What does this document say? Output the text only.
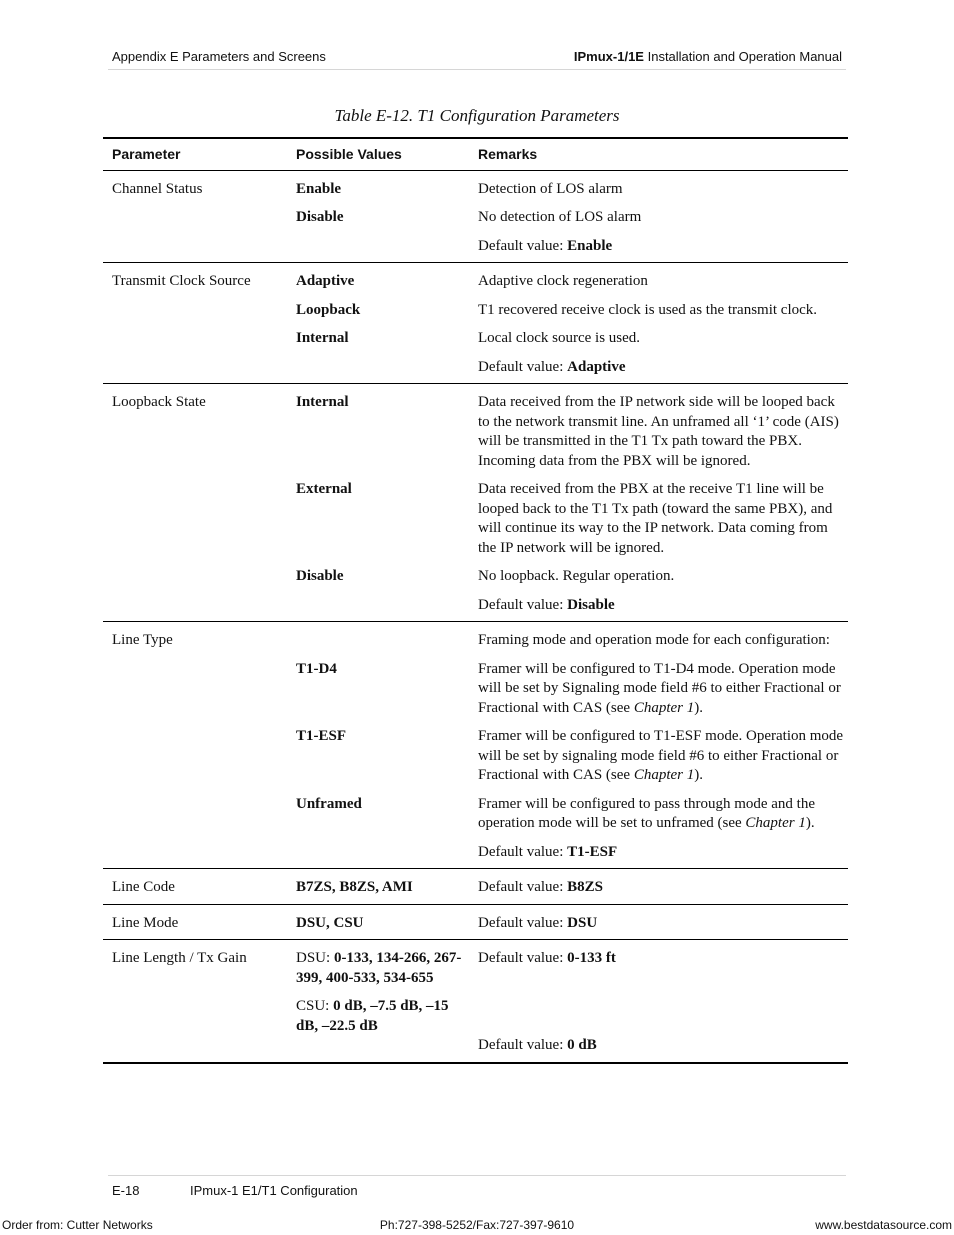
Appendix E Parameters and Screens	IPmux-1/1E Installation and Operation Manual
Table E-12. T1 Configuration Parameters
Parameter	Possible Values	Remarks
Channel Status	Enable	Detection of LOS alarm
	Disable	No detection of LOS alarm
		Default value: Enable
Transmit Clock Source	Adaptive	Adaptive clock regeneration
	Loopback	T1 recovered receive clock is used as the transmit clock.
	Internal	Local clock source is used.
		Default value: Adaptive
Loopback State	Internal	Data received from the IP network side will be looped back to the network transmit line. An unframed all ‘1’ code (AIS) will be transmitted in the T1 Tx path toward the PBX. Incoming data from the PBX will be ignored.
	External	Data received from the PBX at the receive T1 line will be looped back to the T1 Tx path (toward the same PBX), and will continue its way to the IP network. Data coming from the IP network will be ignored.
	Disable	No loopback. Regular operation.
		Default value: Disable
Line Type		Framing mode and operation mode for each configuration:
	T1-D4	Framer will be configured to T1-D4 mode. Operation mode will be set by Signaling mode field #6 to either Fractional or Fractional with CAS (see Chapter 1).
	T1-ESF	Framer will be configured to T1-ESF mode. Operation mode will be set by signaling mode field #6 to either Fractional or Fractional with CAS (see Chapter 1).
	Unframed	Framer will be configured to pass through mode and the operation mode will be set to unframed (see Chapter 1).
		Default value: T1-ESF
Line Code	B7ZS, B8ZS, AMI	Default value: B8ZS
Line Mode	DSU, CSU	Default value: DSU
Line Length / Tx Gain	DSU: 0-133, 134-266, 267-399, 400-533, 534-655	Default value: 0-133 ft
	CSU: 0 dB, –7.5 dB, –15 dB, –22.5 dB	
		Default value: 0 dB
E-18	IPmux-1 E1/T1 Configuration
Order from: Cutter Networks	Ph:727-398-5252/Fax:727-397-9610	www.bestdatasource.com
